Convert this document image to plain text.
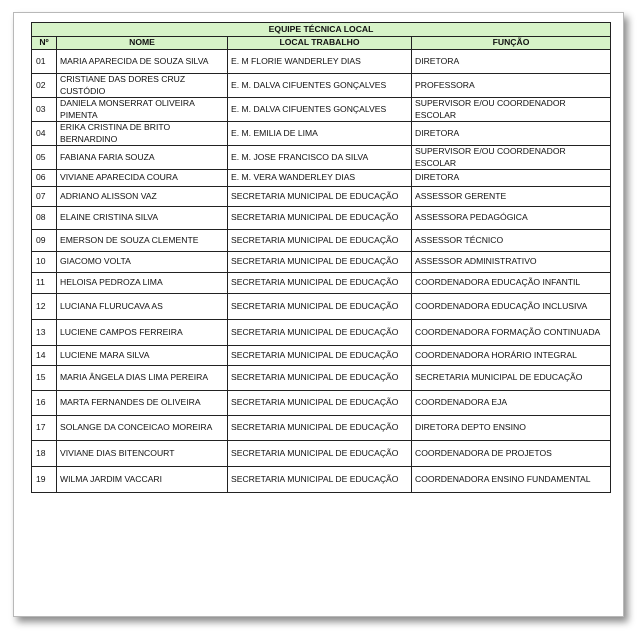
EQUIPE TÉCNICA LOCAL			
Nº	NOME	LOCAL TRABALHO	FUNÇÃO
01	MARIA APARECIDA DE SOUZA SILVA	E. M FLORIE WANDERLEY DIAS	DIRETORA
02	CRISTIANE DAS DORES CRUZ CUSTÓDIO	E. M. DALVA CIFUENTES GONÇALVES	PROFESSORA
03	DANIELA MONSERRAT OLIVEIRA PIMENTA	E. M. DALVA CIFUENTES GONÇALVES	SUPERVISOR E/OU COORDENADOR ESCOLAR
04	ERIKA CRISTINA DE BRITO BERNARDINO	E. M. EMILIA DE LIMA	DIRETORA
05	FABIANA FARIA SOUZA	E. M. JOSE FRANCISCO DA SILVA	SUPERVISOR E/OU COORDENADOR ESCOLAR
06	VIVIANE APARECIDA COURA	E. M. VERA WANDERLEY DIAS	DIRETORA
07	ADRIANO ALISSON VAZ	SECRETARIA MUNICIPAL DE EDUCAÇÃO	ASSESSOR GERENTE
08	ELAINE CRISTINA SILVA	SECRETARIA MUNICIPAL DE EDUCAÇÃO	ASSESSORA PEDAGÓGICA
09	EMERSON DE SOUZA CLEMENTE	SECRETARIA MUNICIPAL DE EDUCAÇÃO	ASSESSOR TÉCNICO
10	GIACOMO VOLTA	SECRETARIA MUNICIPAL DE EDUCAÇÃO	ASSESSOR ADMINISTRATIVO
11	HELOISA PEDROZA LIMA	SECRETARIA MUNICIPAL DE EDUCAÇÃO	COORDENADORA EDUCAÇÃO INFANTIL
12	LUCIANA FLURUCAVA AS	SECRETARIA MUNICIPAL DE EDUCAÇÃO	COORDENADORA EDUCAÇÃO INCLUSIVA
13	LUCIENE CAMPOS FERREIRA	SECRETARIA MUNICIPAL DE EDUCAÇÃO	COORDENADORA FORMAÇÃO CONTINUADA
14	LUCIENE MARA SILVA	SECRETARIA MUNICIPAL DE EDUCAÇÃO	COORDENADORA HORÁRIO INTEGRAL
15	MARIA ÂNGELA DIAS LIMA PEREIRA	SECRETARIA MUNICIPAL DE EDUCAÇÃO	SECRETARIA MUNICIPAL DE EDUCAÇÃO
16	MARTA FERNANDES DE OLIVEIRA	SECRETARIA MUNICIPAL DE EDUCAÇÃO	COORDENADORA EJA
17	SOLANGE DA CONCEICAO MOREIRA	SECRETARIA MUNICIPAL DE EDUCAÇÃO	DIRETORA DEPTO ENSINO
18	VIVIANE DIAS BITENCOURT	SECRETARIA MUNICIPAL DE EDUCAÇÃO	COORDENADORA DE PROJETOS
19	WILMA JARDIM VACCARI	SECRETARIA MUNICIPAL DE EDUCAÇÃO	COORDENADORA ENSINO FUNDAMENTAL
